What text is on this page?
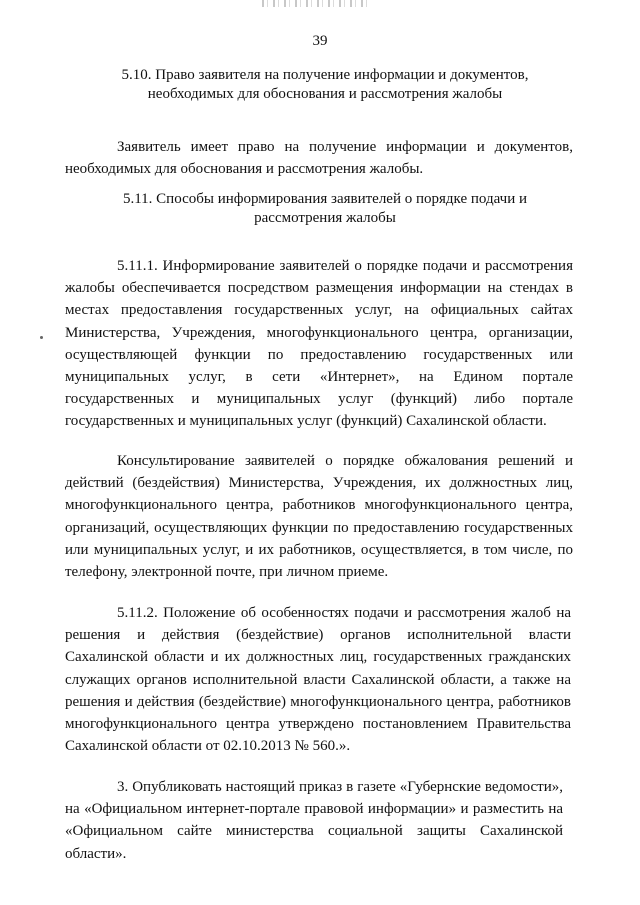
39
5.10. Право заявителя на получение информации и документов, необходимых для обоснования и рассмотрения жалобы

Заявитель имеет право на получение информации и документов, необходимых для обоснования и рассмотрения жалобы.

5.11. Способы информирования заявителей о порядке подачи и рассмотрения жалобы

5.11.1. Информирование заявителей о порядке подачи и рассмотрения жалобы обеспечивается посредством размещения информации на стендах в местах предоставления государственных услуг, на официальных сайтах Министерства, Учреждения, многофункционального центра, организации, осуществляющей функции по предоставлению государственных или муниципальных услуг, в сети «Интернет», на Едином портале государственных и муниципальных услуг (функций) либо портале государственных и муниципальных услуг (функций) Сахалинской области.

Консультирование заявителей о порядке обжалования решений и действий (бездействия) Министерства, Учреждения, их должностных лиц, многофункционального центра, работников многофункционального центра, организаций, осуществляющих функции по предоставлению государственных или муниципальных услуг, и их работников, осуществляется, в том числе, по телефону, электронной почте, при личном приеме.

5.11.2. Положение об особенностях подачи и рассмотрения жалоб на решения и действия (бездействие) органов исполнительной власти Сахалинской области и их должностных лиц, государственных гражданских служащих органов исполнительной власти Сахалинской области, а также на решения и действия (бездействие) многофункционального центра, работников многофункционального центра утверждено постановлением Правительства Сахалинской области от 02.10.2013 № 560.».

3. Опубликовать настоящий приказ в газете «Губернские ведомости», на «Официальном интернет-портале правовой информации» и разместить на «Официальном сайте министерства социальной защиты Сахалинской области».
